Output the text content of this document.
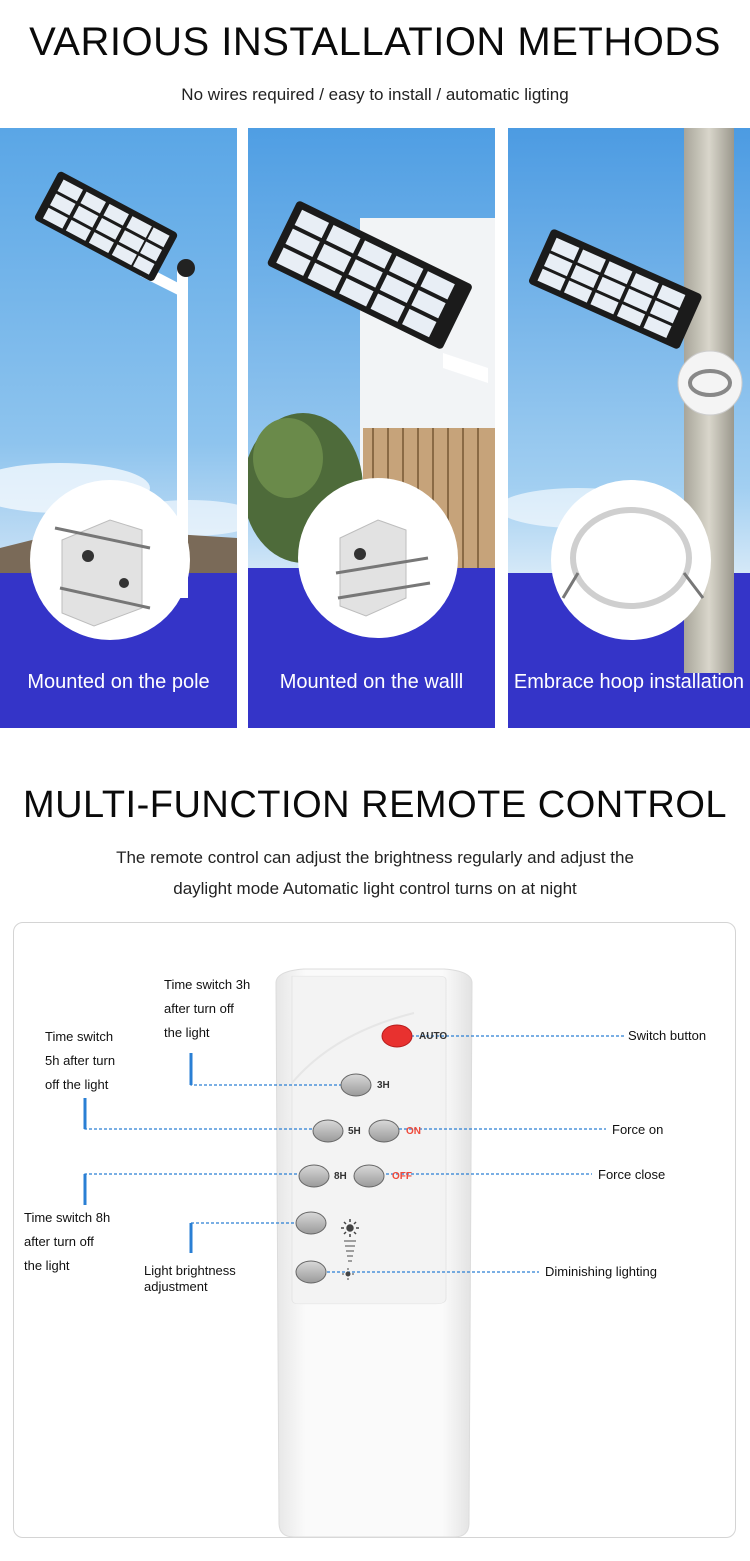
VARIOUS INSTALLATION METHODS
No wires required / easy to install / automatic ligting
Mounted on the pole	Mounted on the walll	Embrace hoop installation
MULTI-FUNCTION REMOTE CONTROL
The remote control can adjust the brightness regularly and adjust the
daylight mode Automatic light control turns on at night
AUTO
3H
5H	ON
8H	OFF
Time switch 3h
after turn off
the light
Time switch
5h after turn
off the light
Time switch 8h
after turn off
the light	Light brightness
adjustment
Switch button
Force on
Force close
Diminishing lighting
